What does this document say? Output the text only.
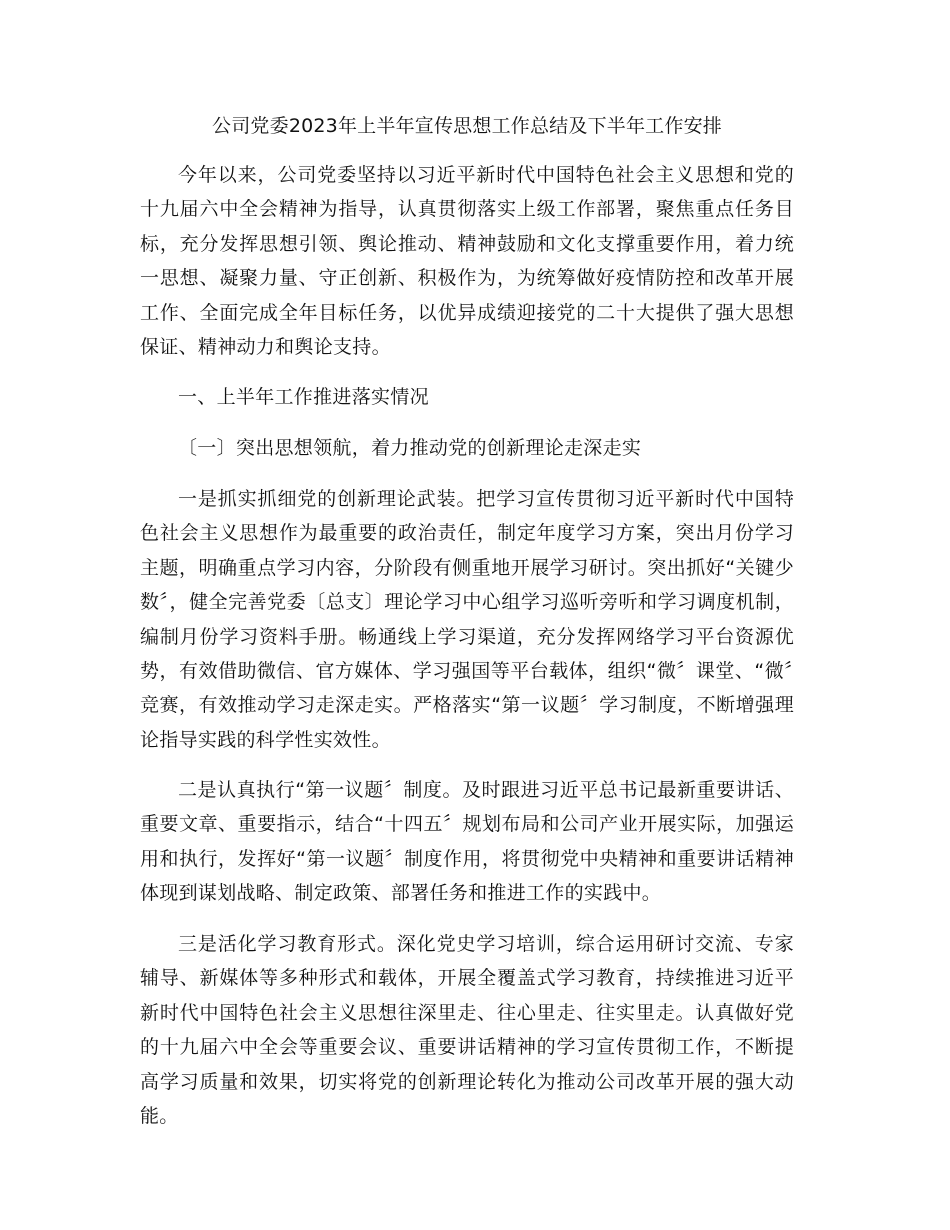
公司党委2023年上半年宣传思想工作总结及下半年工作安排

今年以来，公司党委坚持以习近平新时代中国特色社会主义思想和党的十九届六中全会精神为指导，认真贯彻落实上级工作部署，聚焦重点任务目标，充分发挥思想引领、舆论推动、精神鼓励和文化支撑重要作用，着力统一思想、凝聚力量、守正创新、积极作为，为统筹做好疫情防控和改革开展工作、全面完成全年目标任务，以优异成绩迎接党的二十大提供了强大思想保证、精神动力和舆论支持。

一、上半年工作推进落实情况

〔一〕突出思想领航，着力推动党的创新理论走深走实

一是抓实抓细党的创新理论武装。把学习宣传贯彻习近平新时代中国特色社会主义思想作为最重要的政治责任，制定年度学习方案，突出月份学习主题，明确重点学习内容，分阶段有侧重地开展学习研讨。突出抓好“关键少数〞，健全完善党委〔总支〕理论学习中心组学习巡听旁听和学习调度机制，编制月份学习资料手册。畅通线上学习渠道，充分发挥网络学习平台资源优势，有效借助微信、官方媒体、学习强国等平台载体，组织“微〞课堂、“微〞竞赛，有效推动学习走深走实。严格落实“第一议题〞学习制度，不断增强理论指导实践的科学性实效性。

二是认真执行“第一议题〞制度。及时跟进习近平总书记最新重要讲话、重要文章、重要指示，结合“十四五〞规划布局和公司产业开展实际，加强运用和执行，发挥好“第一议题〞制度作用，将贯彻党中央精神和重要讲话精神体现到谋划战略、制定政策、部署任务和推进工作的实践中。

三是活化学习教育形式。深化党史学习培训，综合运用研讨交流、专家辅导、新媒体等多种形式和载体，开展全覆盖式学习教育，持续推进习近平新时代中国特色社会主义思想往深里走、往心里走、往实里走。认真做好党的十九届六中全会等重要会议、重要讲话精神的学习宣传贯彻工作，不断提高学习质量和效果，切实将党的创新理论转化为推动公司改革开展的强大动能。
